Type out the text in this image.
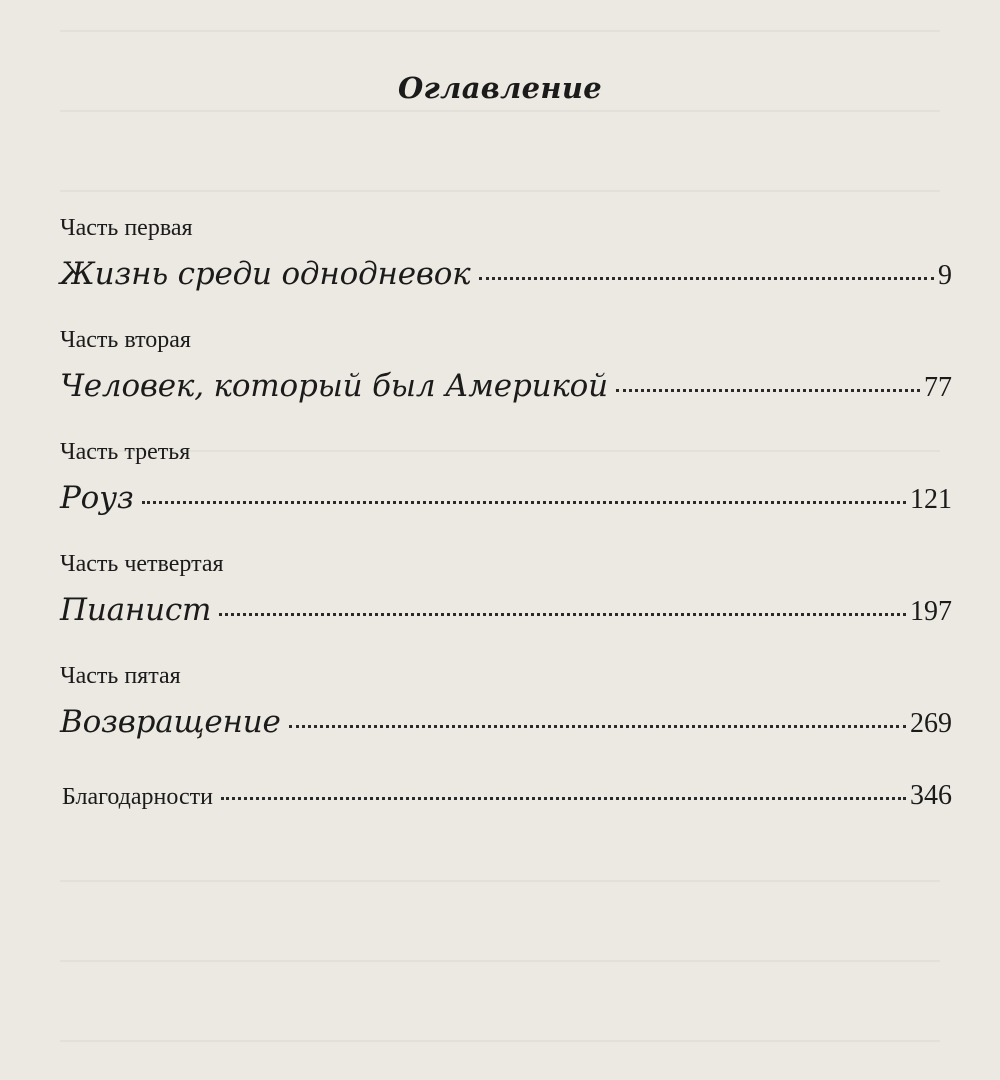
Оглавление
Часть первая
Жизнь среди однодневок	9
Часть вторая
Человек, который был Америкой	77
Часть третья
Роуз	121
Часть четвертая
Пианист	197
Часть пятая
Возвращение	269
Благодарности	346
